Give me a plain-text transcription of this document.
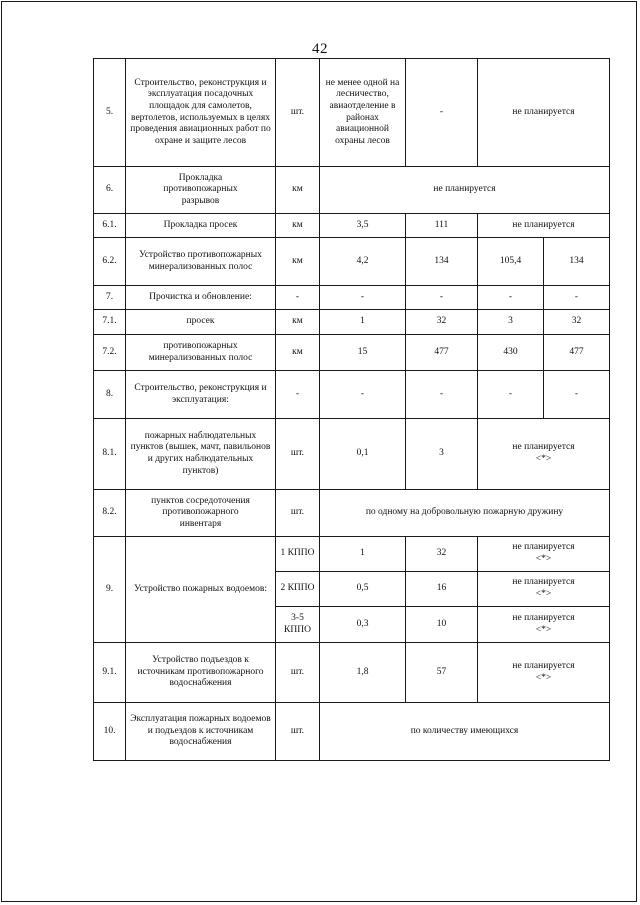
42
5.	Строительство, реконструкция и эксплуатация посадочных площадок для самолетов, вертолетов, используемых в целях проведения авиационных работ по охране и защите лесов	шт.	не менее одной на лесничество, авиаотделение в районах авиационной охраны лесов	-	не планируется	
6.	Прокладка противопожарных разрывов	км	не планируется			
6.1.	Прокладка просек	км	3,5	111	не планируется	
6.2.	Устройство противопожарных минерализованных полос	км	4,2	134	105,4	134
7.	Прочистка и обновление:	-	-	-	-	-
7.1.	просек	км	1	32	3	32
7.2.	противопожарных минерализованных полос	км	15	477	430	477
8.	Строительство, реконструкция и эксплуатация:	-	-	-	-	-
8.1.	пожарных наблюдательных пунктов (вышек, мачт, павильонов и других наблюдательных пунктов)	шт.	0,1	3	не планируется <*>	
8.2.	пунктов сосредоточения противопожарного инвентаря	шт.	по одному на добровольную пожарную дружину			
9.	Устройство пожарных водоемов:	1 КППО	1	32	не планируется <*>	
		2 КППО	0,5	16	не планируется <*>	
		3-5 КППО	0,3	10	не планируется <*>	
9.1.	Устройство подъездов к источникам противопожарного водоснабжения	шт.	1,8	57	не планируется <*>	
10.	Эксплуатация пожарных водоемов и подъездов к источникам водоснабжения	шт.	по количеству имеющихся			
